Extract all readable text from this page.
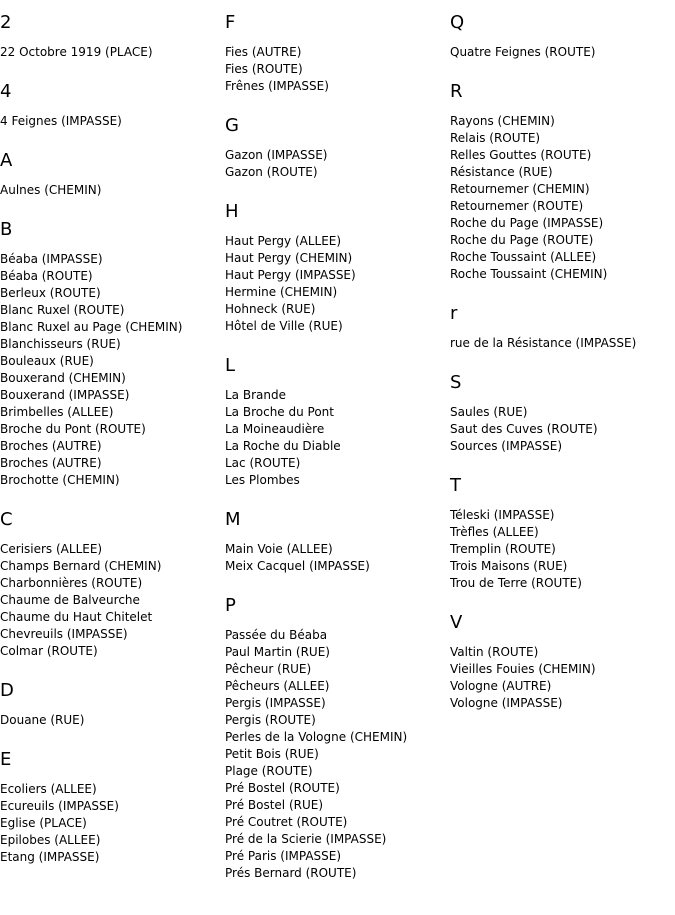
2
22 Octobre 1919 (PLACE)
4
4 Feignes (IMPASSE)
A
Aulnes (CHEMIN)
B
Béaba (IMPASSE)
Béaba (ROUTE)
Berleux (ROUTE)
Blanc Ruxel (ROUTE)
Blanc Ruxel au Page (CHEMIN)
Blanchisseurs (RUE)
Bouleaux (RUE)
Bouxerand (CHEMIN)
Bouxerand (IMPASSE)
Brimbelles (ALLEE)
Broche du Pont (ROUTE)
Broches (AUTRE)
Broches (AUTRE)
Brochotte (CHEMIN)
C
Cerisiers (ALLEE)
Champs Bernard (CHEMIN)
Charbonnières (ROUTE)
Chaume de Balveurche
Chaume du Haut Chitelet
Chevreuils (IMPASSE)
Colmar (ROUTE)
D
Douane (RUE)
E
Ecoliers (ALLEE)
Ecureuils (IMPASSE)
Eglise (PLACE)
Epilobes (ALLEE)
Etang (IMPASSE)
F
Fies (AUTRE)
Fies (ROUTE)
Frênes (IMPASSE)
G
Gazon (IMPASSE)
Gazon (ROUTE)
H
Haut Pergy (ALLEE)
Haut Pergy (CHEMIN)
Haut Pergy (IMPASSE)
Hermine (CHEMIN)
Hohneck (RUE)
Hôtel de Ville (RUE)
L
La Brande
La Broche du Pont
La Moineaudière
La Roche du Diable
Lac (ROUTE)
Les Plombes
M
Main Voie (ALLEE)
Meix Cacquel (IMPASSE)
P
Passée du Béaba
Paul Martin (RUE)
Pêcheur (RUE)
Pêcheurs (ALLEE)
Pergis (IMPASSE)
Pergis (ROUTE)
Perles de la Vologne (CHEMIN)
Petit Bois (RUE)
Plage (ROUTE)
Pré Bostel (ROUTE)
Pré Bostel (RUE)
Pré Coutret (ROUTE)
Pré de la Scierie (IMPASSE)
Pré Paris (IMPASSE)
Prés Bernard (ROUTE)
Q
Quatre Feignes (ROUTE)
R
Rayons (CHEMIN)
Relais (ROUTE)
Relles Gouttes (ROUTE)
Résistance (RUE)
Retournemer (CHEMIN)
Retournemer (ROUTE)
Roche du Page (IMPASSE)
Roche du Page (ROUTE)
Roche Toussaint (ALLEE)
Roche Toussaint (CHEMIN)
r
rue de la Résistance (IMPASSE)
S
Saules (RUE)
Saut des Cuves (ROUTE)
Sources (IMPASSE)
T
Téleski (IMPASSE)
Trèfles (ALLEE)
Tremplin (ROUTE)
Trois Maisons (RUE)
Trou de Terre (ROUTE)
V
Valtin (ROUTE)
Vieilles Fouies (CHEMIN)
Vologne (AUTRE)
Vologne (IMPASSE)
